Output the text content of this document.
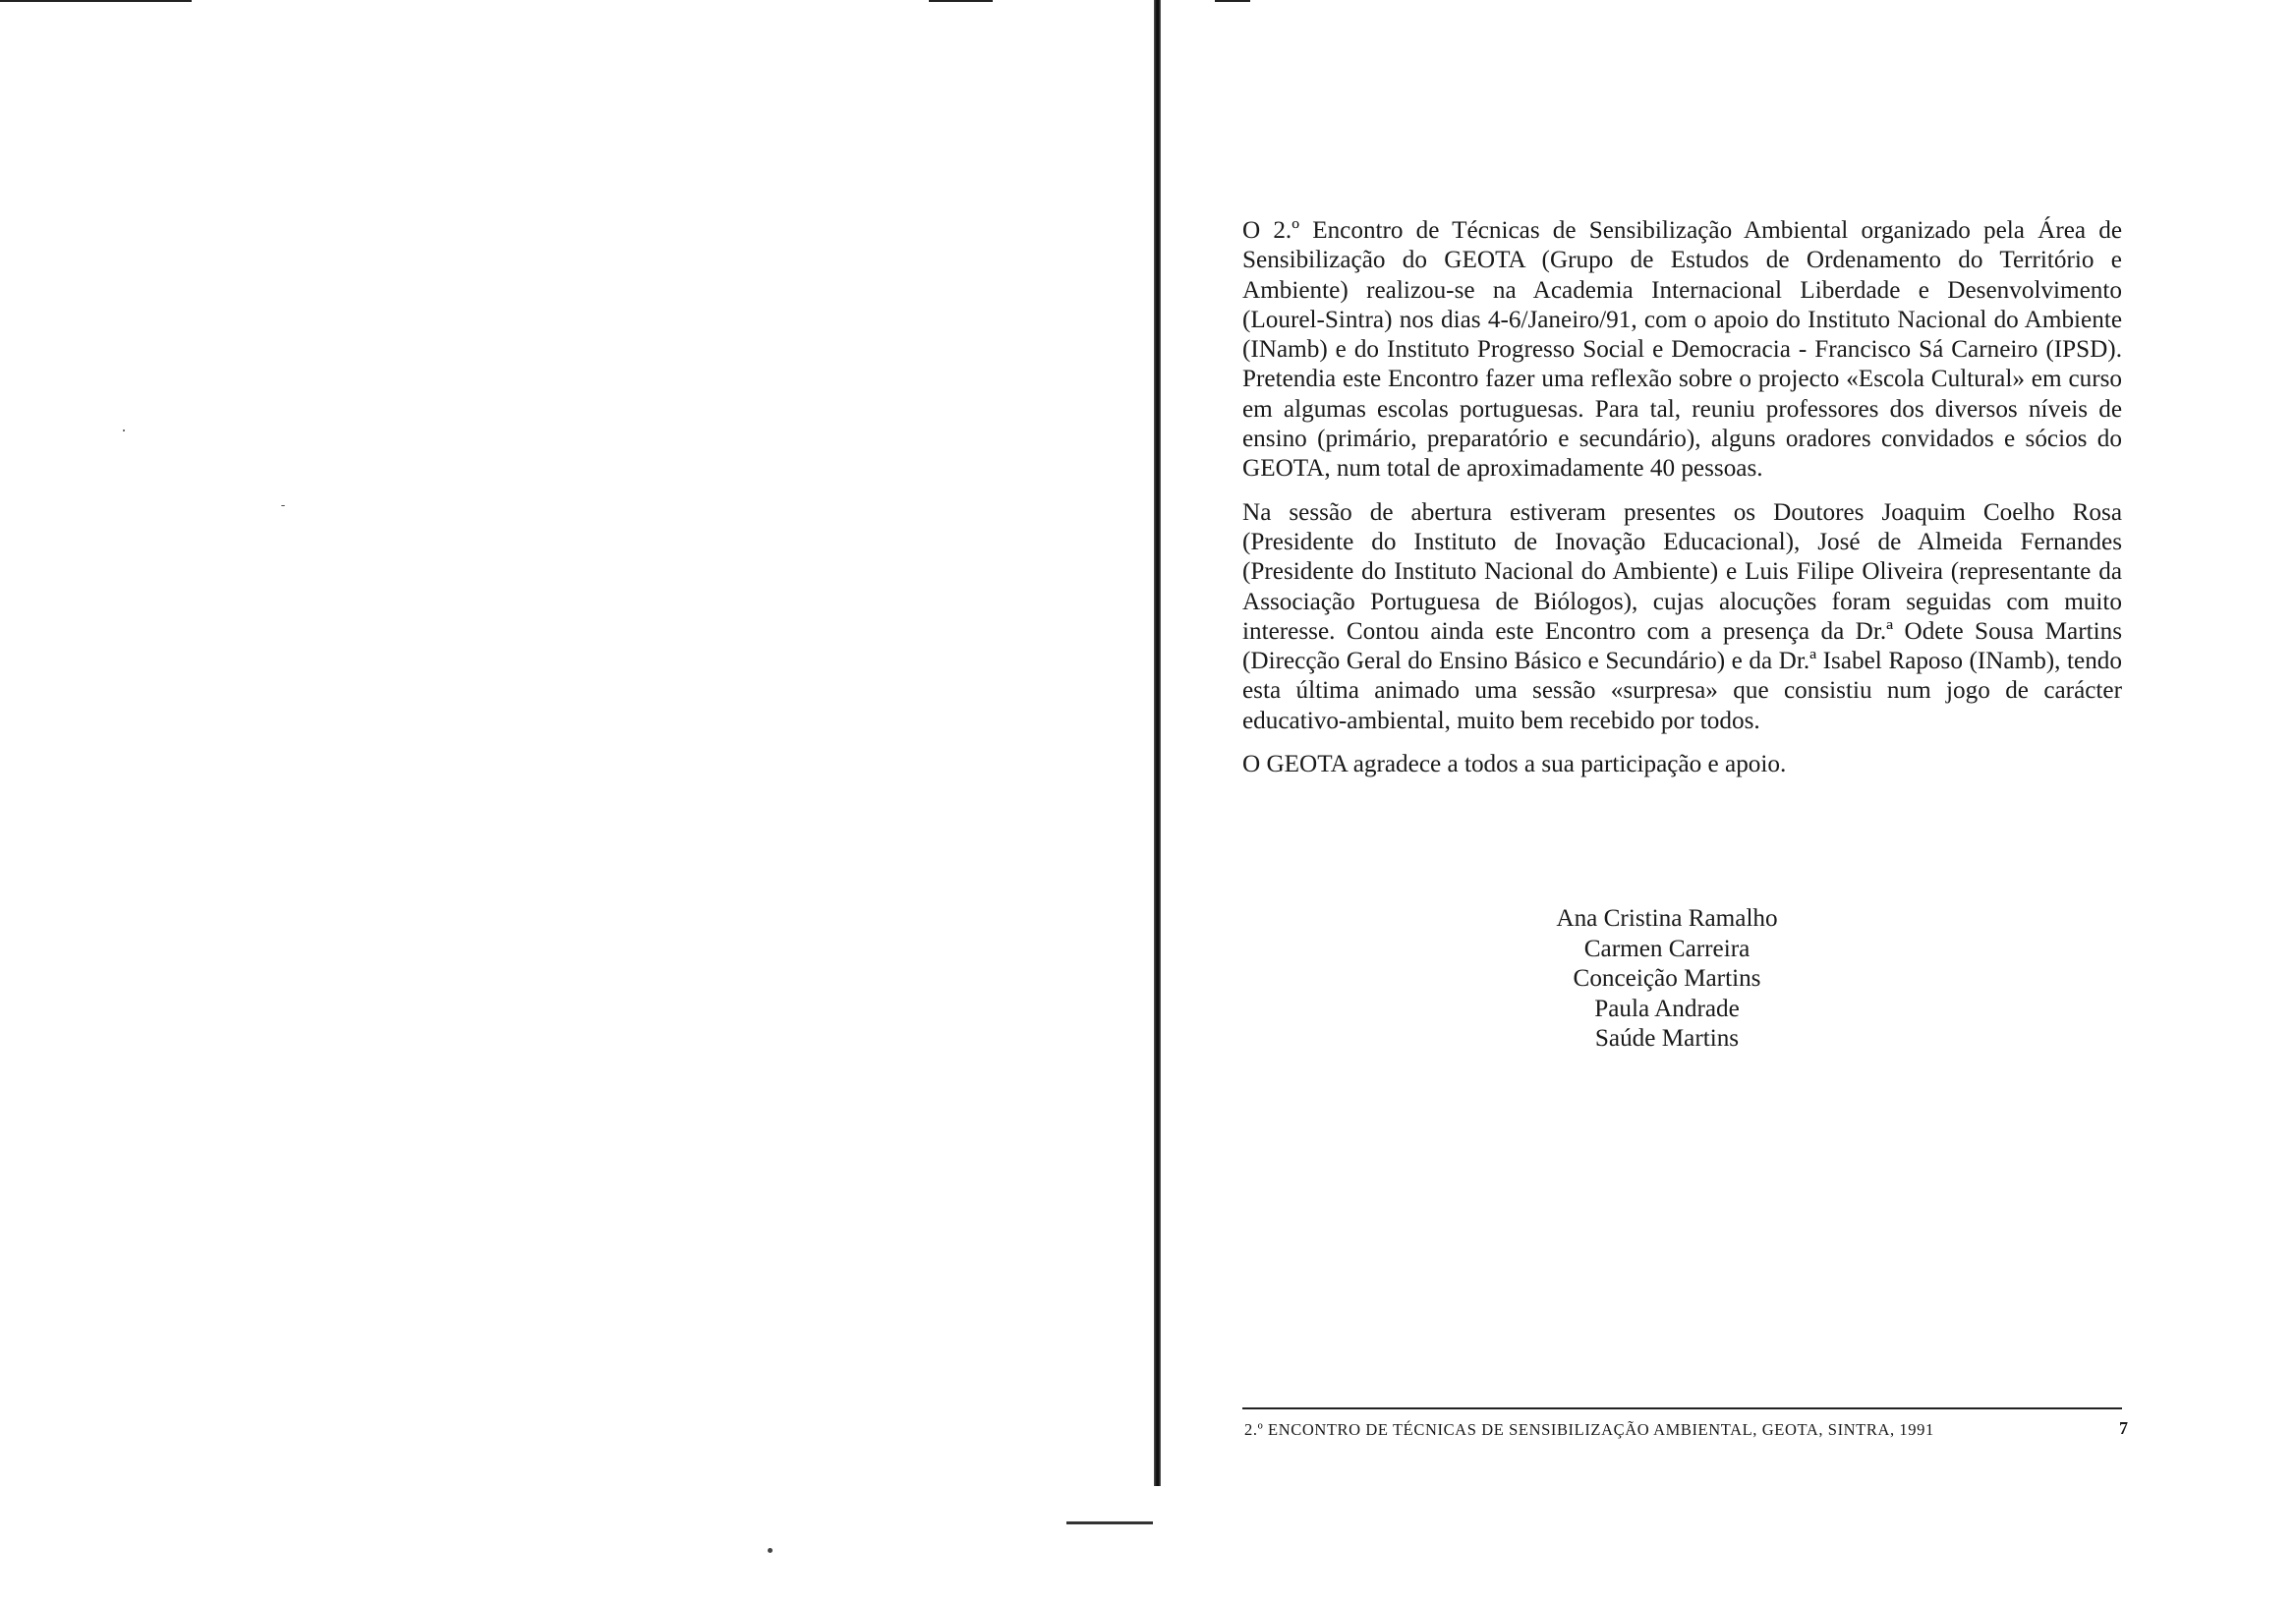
O 2.º Encontro de Técnicas de Sensibilização Ambiental organizado pela Área de Sensibilização do GEOTA (Grupo de Estudos de Ordenamento do Território e Ambiente) realizou-se na Academia Internacional Liberdade e Desenvolvimento (Lourel-Sintra) nos dias 4-6/Janeiro/91, com o apoio do Instituto Nacional do Ambiente (INamb) e do Instituto Progresso Social e Democracia - Francisco Sá Carneiro (IPSD). Pretendia este Encontro fazer uma reflexão sobre o projecto «Escola Cultural» em curso em algumas escolas portuguesas. Para tal, reuniu professores dos diversos níveis de ensino (primário, preparatório e secundário), alguns oradores convidados e sócios do GEOTA, num total de aproximadamente 40 pessoas.

Na sessão de abertura estiveram presentes os Doutores Joaquim Coelho Rosa (Presidente do Instituto de Inovação Educacional), José de Almeida Fernandes (Presidente do Instituto Nacional do Ambiente) e Luis Filipe Oliveira (representante da Associação Portuguesa de Biólogos), cujas alocuções foram seguidas com muito interesse. Contou ainda este Encontro com a presença da Dr.ª Odete Sousa Martins (Direcção Geral do Ensino Básico e Secundário) e da Dr.ª Isabel Raposo (INamb), tendo esta última animado uma sessão «surpresa» que consistiu num jogo de carácter educativo-ambiental, muito bem recebido por todos.

O GEOTA agradece a todos a sua participação e apoio.

Ana Cristina Ramalho
Carmen Carreira
Conceição Martins
Paula Andrade
Saúde Martins
2.º ENCONTRO DE TÉCNICAS DE SENSIBILIZAÇÃO AMBIENTAL, GEOTA, SINTRA, 1991	7
